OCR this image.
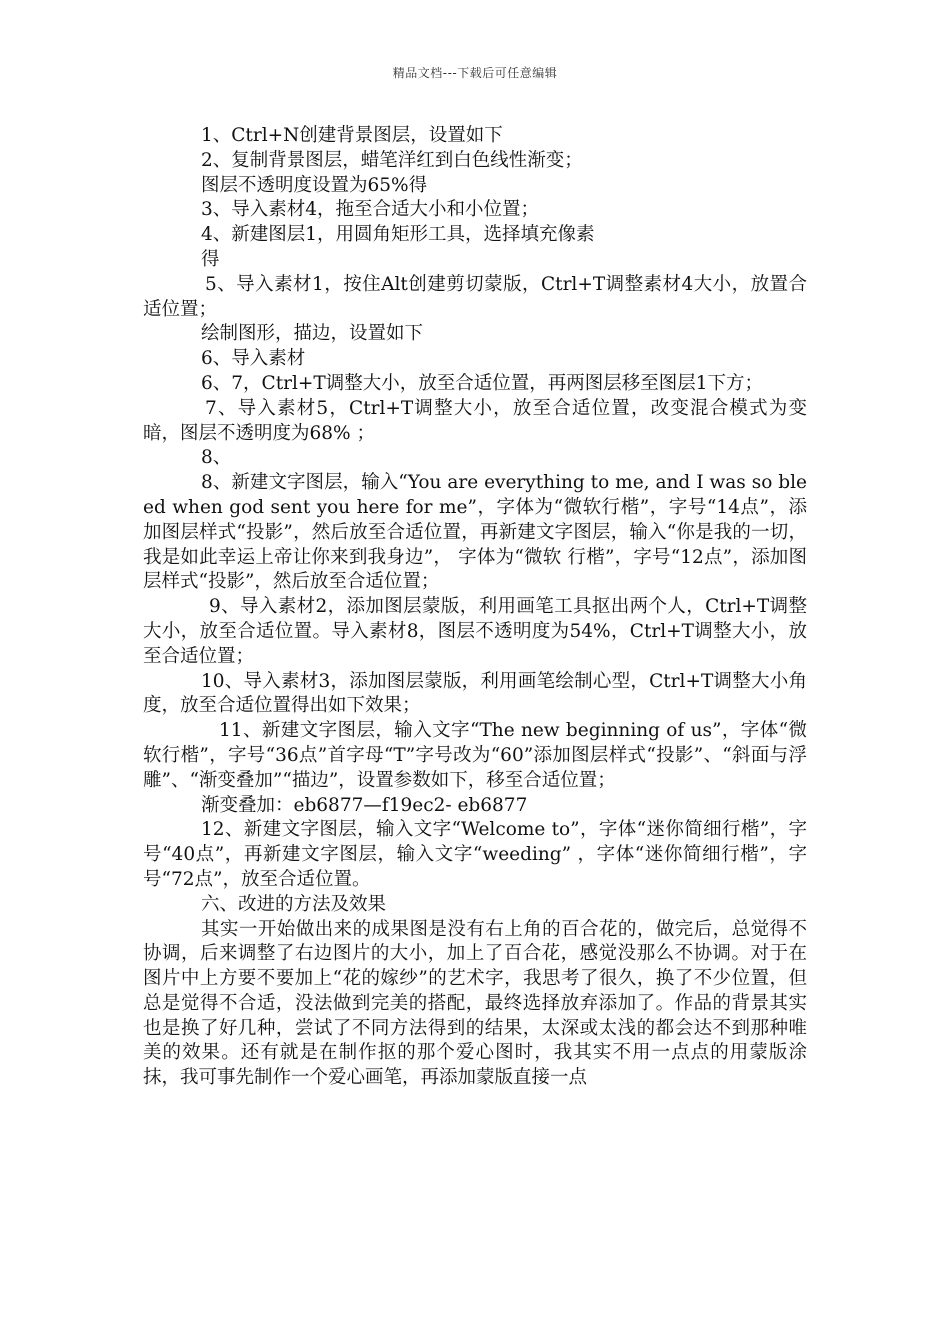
精品文档---下载后可任意编辑

1、Ctrl+N创建背景图层，设置如下

2、复制背景图层，蜡笔洋红到白色线性渐变；

图层不透明度设置为65%得

3、导入素材4，拖至合适大小和小位置；

4、新建图层1，用圆角矩形工具，选择填充像素

得

5、导入素材1，按住Alt创建剪切蒙版，Ctrl+T调整素材4大小，放置合适位置；

绘制图形，描边，设置如下

6、导入素材

6、7，Ctrl+T调整大小，放至合适位置，再两图层移至图层1下方；

7、导入素材5，Ctrl+T调整大小，放至合适位置，改变混合模式为变暗，图层不透明度为68% ；

8、

8、新建文字图层，输入“You are everything to me, and I was so bleed when god sent you here for me”，字体为“微软行楷”，字号“14点”，添加图层样式“投影”，然后放至合适位置，再新建文字图层，输入“你是我的一切，我是如此幸运上帝让你来到我身边”， 字体为“微软 行楷”，字号“12点”，添加图层样式“投影”，然后放至合适位置；

9、导入素材2，添加图层蒙版，利用画笔工具抠出两个人，Ctrl+T调整大小，放至合适位置。导入素材8，图层不透明度为54%，Ctrl+T调整大小，放至合适位置；

10、导入素材3，添加图层蒙版，利用画笔绘制心型，Ctrl+T调整大小角度，放至合适位置得出如下效果；

11、新建文字图层，输入文字“The new beginning of us”，字体“微软行楷”，字号“36点”首字母“T”字号改为“60”添加图层样式“投影”、“斜面与浮雕”、“渐变叠加”“描边”，设置参数如下，移至合适位置；

渐变叠加：eb6877—f19ec2- eb6877

12、新建文字图层，输入文字“Welcome to”，字体“迷你简细行楷”，字号“40点”，再新建文字图层，输入文字“weeding” ，字体“迷你简细行楷”，字号“72点”，放至合适位置。

六、改进的方法及效果

其实一开始做出来的成果图是没有右上角的百合花的，做完后，总觉得不协调，后来调整了右边图片的大小，加上了百合花，感觉没那么不协调。对于在图片中上方要不要加上“花的嫁纱”的艺术字，我思考了很久，换了不少位置，但总是觉得不合适，没法做到完美的搭配，最终选择放弃添加了。作品的背景其实也是换了好几种，尝试了不同方法得到的结果，太深或太浅的都会达不到那种唯美的效果。还有就是在制作抠的那个爱心图时，我其实不用一点点的用蒙版涂抹，我可事先制作一个爱心画笔，再添加蒙版直接一点
